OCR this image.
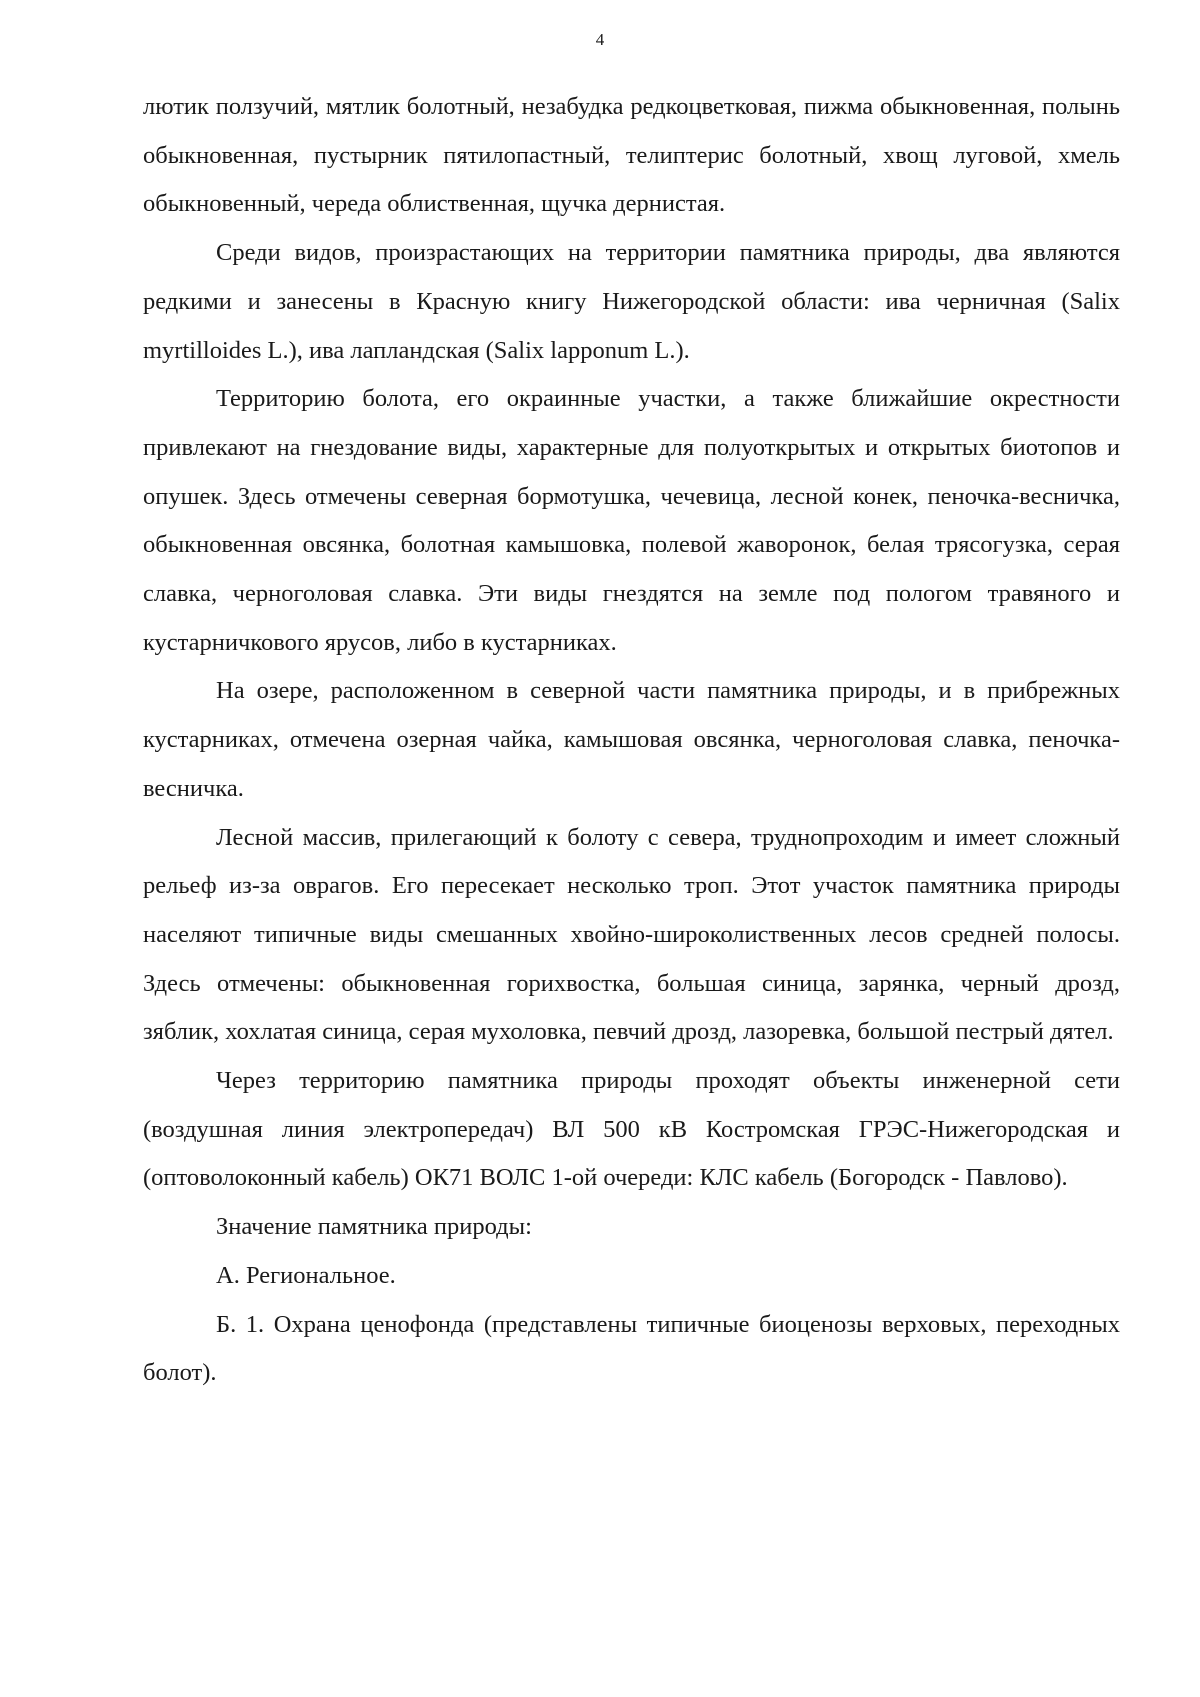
4

лютик ползучий, мятлик болотный, незабудка редкоцветковая, пижма обыкновенная, полынь обыкновенная, пустырник пятилопастный, телиптерис болотный, хвощ луговой, хмель обыкновенный, череда облиственная, щучка дернистая.

Среди видов, произрастающих на территории памятника природы, два являются редкими и занесены в Красную книгу Нижегородской области: ива черничная (Salix myrtilloides L.), ива лапландская (Salix lapponum L.).

Территорию болота, его окраинные участки, а также ближайшие окрестности привлекают на гнездование виды, характерные для полуоткрытых и открытых биотопов и опушек. Здесь отмечены северная бормотушка, чечевица, лесной конек, пеночка-весничка, обыкновенная овсянка, болотная камышовка, полевой жаворонок, белая трясогузка, серая славка, черноголовая славка. Эти виды гнездятся на земле под пологом травяного и кустарничкового ярусов, либо в кустарниках.

На озере, расположенном в северной части памятника природы, и в прибрежных кустарниках, отмечена озерная чайка, камышовая овсянка, черноголовая славка, пеночка-весничка.

Лесной массив, прилегающий к болоту с севера, труднопроходим и имеет сложный рельеф из-за оврагов. Его пересекает несколько троп. Этот участок памятника природы населяют типичные виды смешанных хвойно-широколиственных лесов средней полосы. Здесь отмечены: обыкновенная горихвостка, большая синица, зарянка, черный дрозд, зяблик, хохлатая синица, серая мухоловка, певчий дрозд, лазоревка, большой пестрый дятел.

Через территорию памятника природы проходят объекты инженерной сети (воздушная линия электропередач) ВЛ 500 кВ Костромская ГРЭС-Нижегородская и (оптоволоконный кабель) ОК71 ВОЛС 1-ой очереди: КЛС кабель (Богородск - Павлово).

Значение памятника природы:

А. Региональное.

Б. 1. Охрана ценофонда (представлены типичные биоценозы верховых, переходных болот).
